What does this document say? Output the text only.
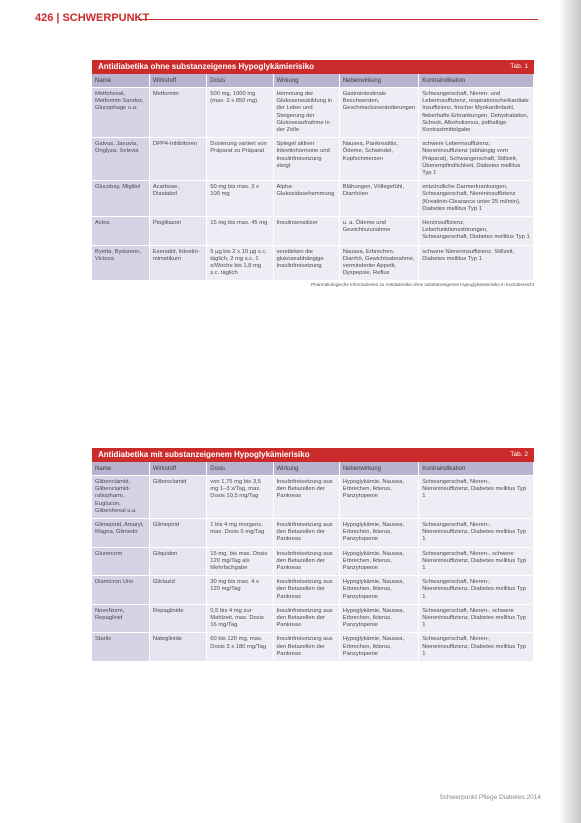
426 | SCHWERPUNKT
Antidiabetika ohne substanzeigenes Hypoglykämierisiko	Tab. 1
Name	Wirkstoff	Dosis	Wirkung	Nebenwirkung	Kontraindikation
Metfohexal, Metformin Sandoz, Glucophage u.a.	Metformin	500 mg, 1000 mg (max. 3 x 850 mg)	Hemmung der Glukoseneubildung in der Leber und Steigerung der Glukoseaufnahme in der Zelle	Gastrointestinale Beschwerden, Geschmacksveränderungen	Schwangerschaft, Nieren- und Leberinsuffizienz, respiratorische/kardiale Insuffizienz, frischer Myokardinfarkt, fieberhafte Erkrankungen, Dehydratation, Schock, Alkoholismus, jodhaltige Kontrastmittelgabe
Galvus, Januvia, Onglyza, Xelevia	DPP4-Inhibitoren	Dosierung variiert von Präparat zu Präparat	Spiegel aktiver Inkretinhormone und Insulinfreisetzung steigt	Nausea, Pankreatitis, Ödeme, Schwindel, Kopfschmerzen	schwere Leberinsuffizienz, Niereninsuffizienz (abhängig vom Präparat), Schwangerschaft, Stillzeit, Überempfindlichkeit, Diabetes mellitus Typ 1
Glucobay, Miglitol	Acarbose, Diastabol	50 mg bis max. 3 x 100 mg	Alpha-Glukosidasehemmung	Blähungen, Völlegefühl, Diarrhöen	entzündliche Darmerkrankungen, Schwangerschaft, Niereninsuffizienz (Kreatinin-Clearance unter 25 ml/min), Diabetes mellitus Typ 1
Actos	Pioglitazon	15 mg bis max. 45 mg	Insulinsensitizer	u. a. Ödeme und Gewichtszunahme	Herzinsuffizienz, Leberfunktionsstörungen, Schwangerschaft, Diabetes mellitus Typ 1
Byetta, Bydureon, Victoza	Exenatid, Inkretin-mimetikum	5 µg bis 2 x 10 µg s.c. täglich, 2 mg s.c. 1 x/Woche bis 1,8 mg s.c. täglich	verstärken die glukoseabhängige Insulinfreisetzung	Nausea, Erbrechen, Diarrhö, Gewichtsabnahme, verminderter Appetit, Dyspepsie, Reflux	schwere Niereninsuffizienz, Stillzeit, Diabetes mellitus Typ 1
Pharmakologische Informationen zu Antidiabetika ohne substanzeigenes Hypoglykämierisiko in Kurzübersicht
Antidiabetika mit substanzeigenem Hypoglykämierisiko	Tab. 2
Name	Wirkstoff	Dosis	Wirkung	Nebenwirkung	Kontraindikation
Glibenclamid, Glibenclamid-ratiopharm, Euglucon, Glibenhexal u.a.	Glibenclamid	von 1,75 mg bis 3,5 mg 1–3 x/Tag, max. Dosis 10,5 mg/Tag	Insulinfreisetzung aus den Betazellen der Pankreas	Hypoglykämie, Nausea, Erbrechen, Ikterus, Panzytopenie	Schwangerschaft, Nieren-, Niereninsuffizienz, Diabetes mellitus Typ 1
Glimepirid, Amaryl, Magna, Glimedo	Glimepirid	1 bis 4 mg morgens, max. Dosis 6 mg/Tag	Insulinfreisetzung aus den Betazellen der Pankreas	Hypoglykämie, Nausea, Erbrechen, Ikterus, Panzytopenie	Schwangerschaft, Nieren-, Niereninsuffizienz, Diabetes mellitus Typ 1
Glurenorm	Gliquidon	15 mg, bis max. Dosis 120 mg/Tag als Mehrfachgabe	Insulinfreisetzung aus den Betazellen der Pankreas	Hypoglykämie, Nausea, Erbrechen, Ikterus, Panzytopenie	Schwangerschaft, Nieren-, schwere Niereninsuffizienz, Diabetes mellitus Typ 1
Diamicron Uno	Gliclazid	30 mg bis max. 4 x 120 mg/Tag	Insulinfreisetzung aus den Betazellen der Pankreas	Hypoglykämie, Nausea, Erbrechen, Ikterus, Panzytopenie	Schwangerschaft, Nieren-, Niereninsuffizienz, Diabetes mellitus Typ 1
NovoNorm, Repaglinid	Repaglinide	0,5 bis 4 mg zur Mahlzeit, max. Dosis 16 mg/Tag	Insulinfreisetzung aus den Betazellen der Pankreas	Hypoglykämie, Nausea, Erbrechen, Ikterus, Panzytopenie	Schwangerschaft, Nieren-, schwere Niereninsuffizienz, Diabetes mellitus Typ 1
Starlix	Nateglinide	60 bis 120 mg, max. Dosis 3 x 180 mg/Tag	Insulinfreisetzung aus den Betazellen der Pankreas	Hypoglykämie, Nausea, Erbrechen, Ikterus, Panzytopenie	Schwangerschaft, Nieren-, Niereninsuffizienz, Diabetes mellitus Typ 1
Schwerpunkt Pflege Diabetes 2014
